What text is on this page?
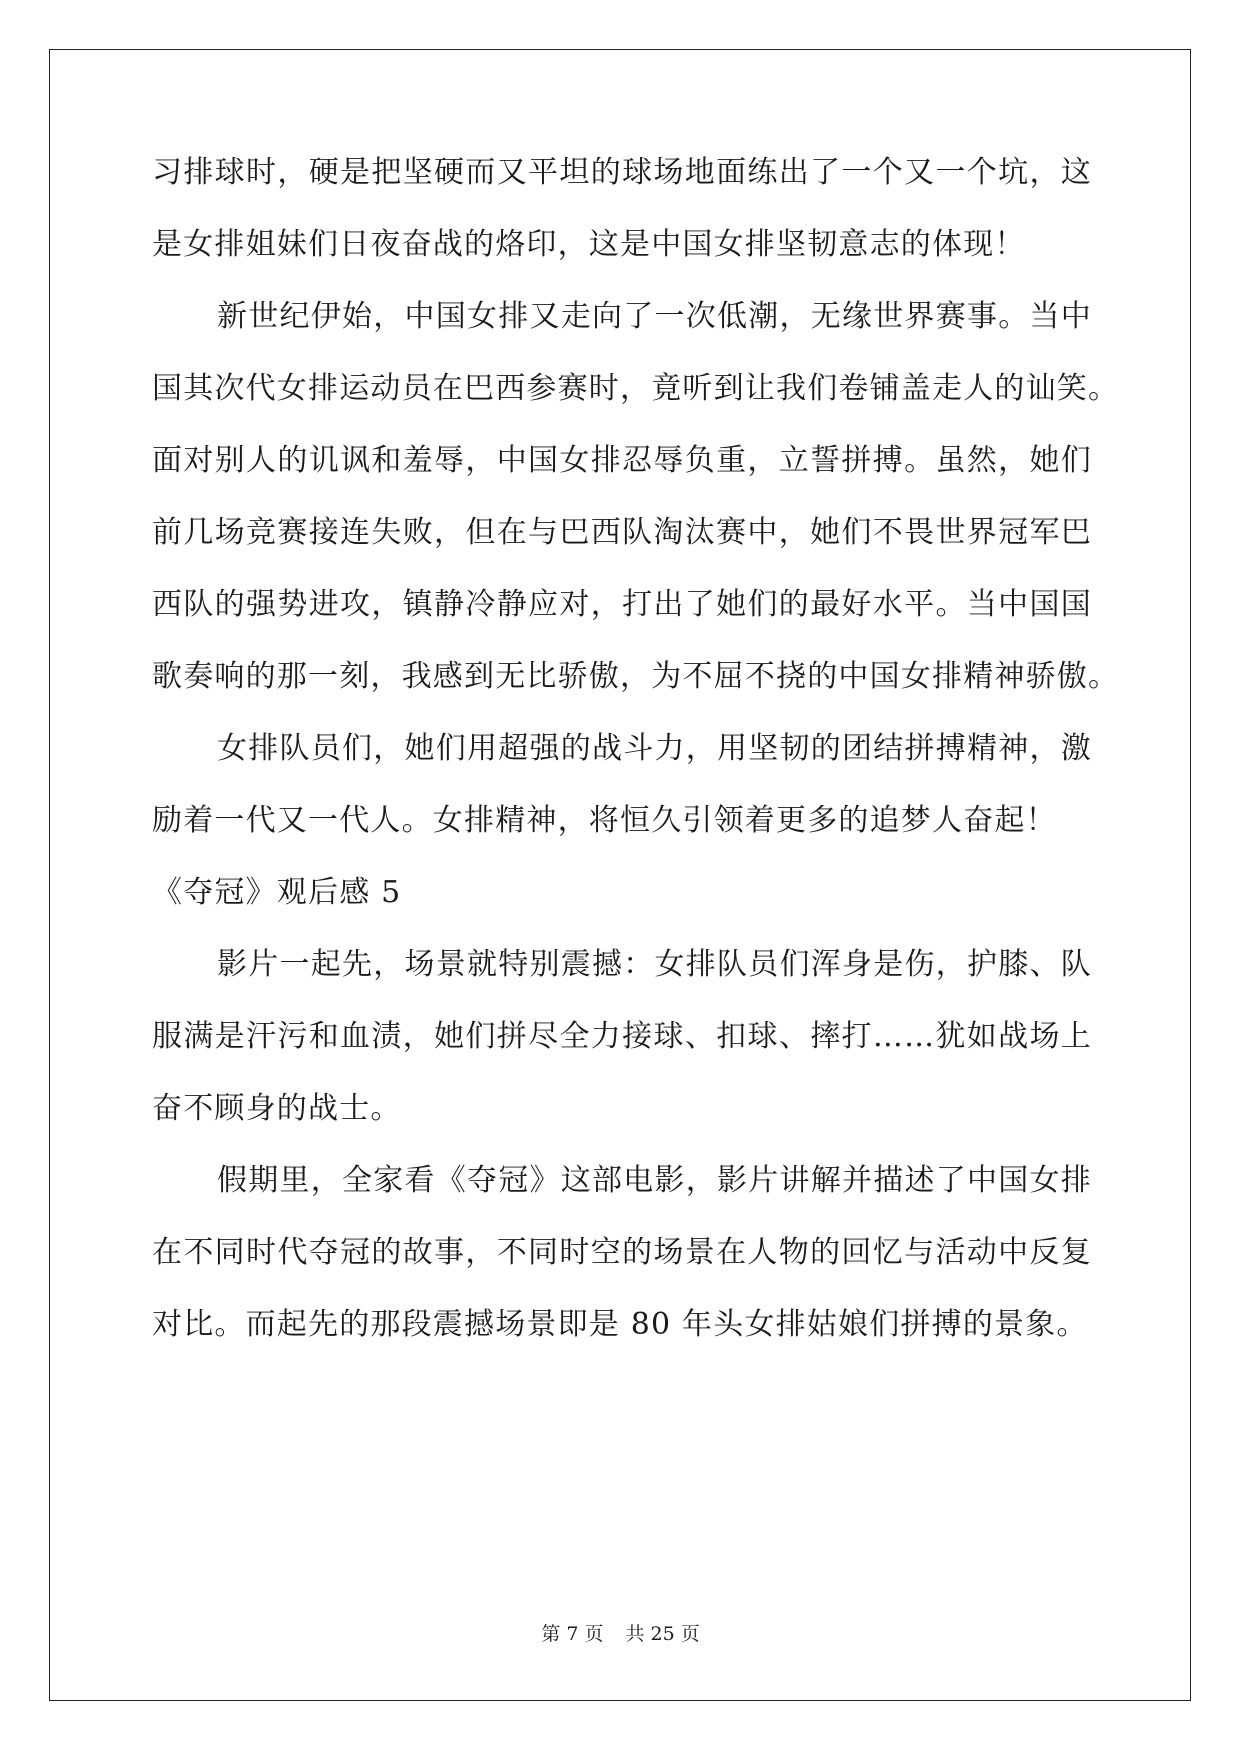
习排球时，硬是把坚硬而又平坦的球场地面练出了一个又一个坑，这
是女排姐妹们日夜奋战的烙印，这是中国女排坚韧意志的体现！
新世纪伊始，中国女排又走向了一次低潮，无缘世界赛事。当中
国其次代女排运动员在巴西参赛时，竟听到让我们卷铺盖走人的讪笑。
面对别人的讥讽和羞辱，中国女排忍辱负重，立誓拼搏。虽然，她们
前几场竞赛接连失败，但在与巴西队淘汰赛中，她们不畏世界冠军巴
西队的强势进攻，镇静冷静应对，打出了她们的最好水平。当中国国
歌奏响的那一刻，我感到无比骄傲，为不屈不挠的中国女排精神骄傲。
女排队员们，她们用超强的战斗力，用坚韧的团结拼搏精神，激
励着一代又一代人。女排精神，将恒久引领着更多的追梦人奋起！
《夺冠》观后感 5
影片一起先，场景就特别震撼：女排队员们浑身是伤，护膝、队
服满是汗污和血渍，她们拼尽全力接球、扣球、摔打……犹如战场上
奋不顾身的战士。
假期里，全家看《夺冠》这部电影，影片讲解并描述了中国女排
在不同时代夺冠的故事，不同时空的场景在人物的回忆与活动中反复
对比。而起先的那段震撼场景即是 80 年头女排姑娘们拼搏的景象。
第 7 页 共 25 页
